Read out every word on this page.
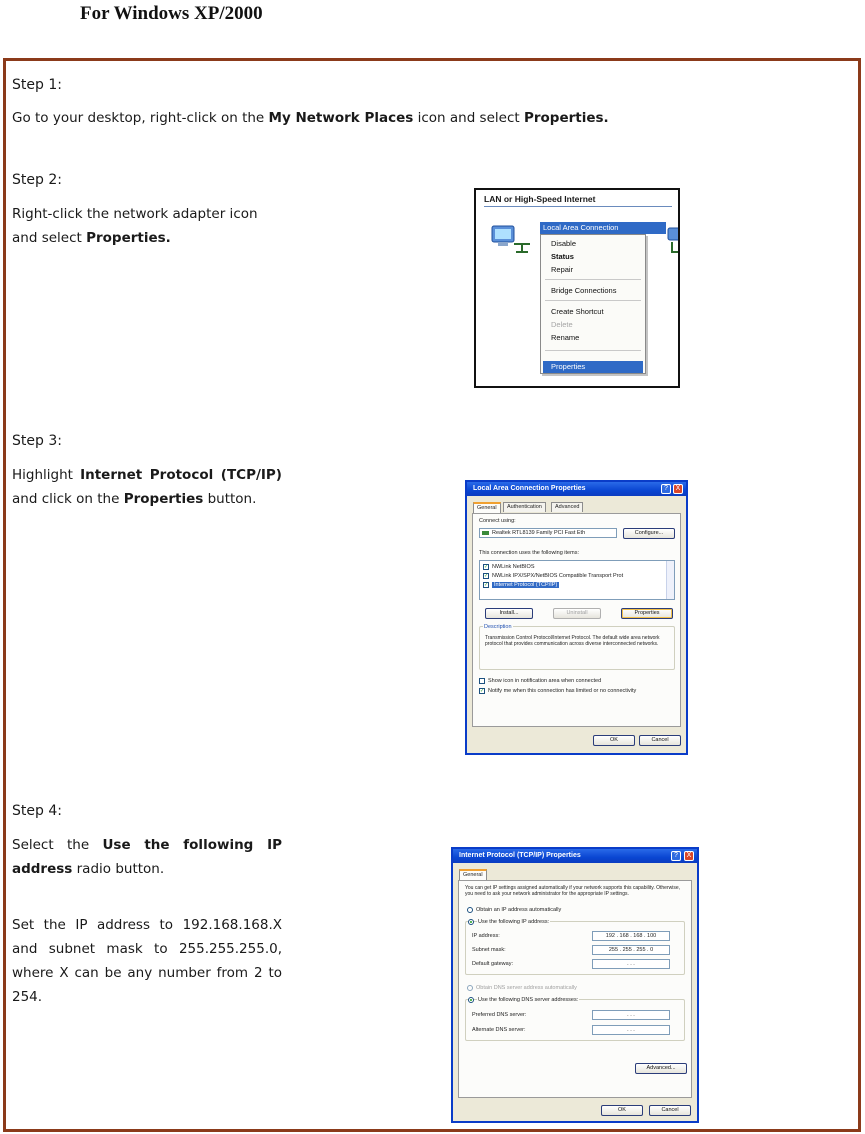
For Windows XP/2000
Step 1:
Go to your desktop, right-click on the My Network Places icon and select Properties.
Step 2:
Right-click the network adapter icon and select Properties.
Step 3:
Highlight Internet Protocol (TCP/IP) and click on the Properties button.
Step 4:
Select the Use the following IP address radio button.
Set the IP address to 192.168.168.X and subnet mask to 255.255.255.0, where X can be any number from 2 to 254.
LAN or High-Speed Internet
Local Area Connection
Disable
Status
Repair
Bridge Connections
Create Shortcut
Delete
Rename
Properties
Local Area Connection Properties	?	X
General	Authentication	Advanced
Connect using:
Realtek RTL8139 Family PCI Fast Eth	Configure...
This connection uses the following items:
✓ NWLink NetBIOS
✓ NWLink IPX/SPX/NetBIOS Compatible Transport Prot
✓	Internet Protocol (TCP/IP)
Install...	Uninstall	Properties
Description
Transmission Control Protocol/Internet Protocol. The default wide area network protocol that provides communication across diverse interconnected networks.
Show icon in notification area when connected
✓ Notify me when this connection has limited or no connectivity
OK	Cancel
Internet Protocol (TCP/IP) Properties	?	X
General
You can get IP settings assigned automatically if your network supports this capability. Otherwise, you need to ask your network administrator for the appropriate IP settings.
Obtain an IP address automatically
Use the following IP address:
IP address:	192 . 168 . 168 . 100
Subnet mask:	255 . 255 . 255 . 0
Default gateway:	. . .
Obtain DNS server address automatically
Use the following DNS server addresses:
Preferred DNS server:	. . .
Alternate DNS server:	. . .
Advanced...
OK	Cancel
